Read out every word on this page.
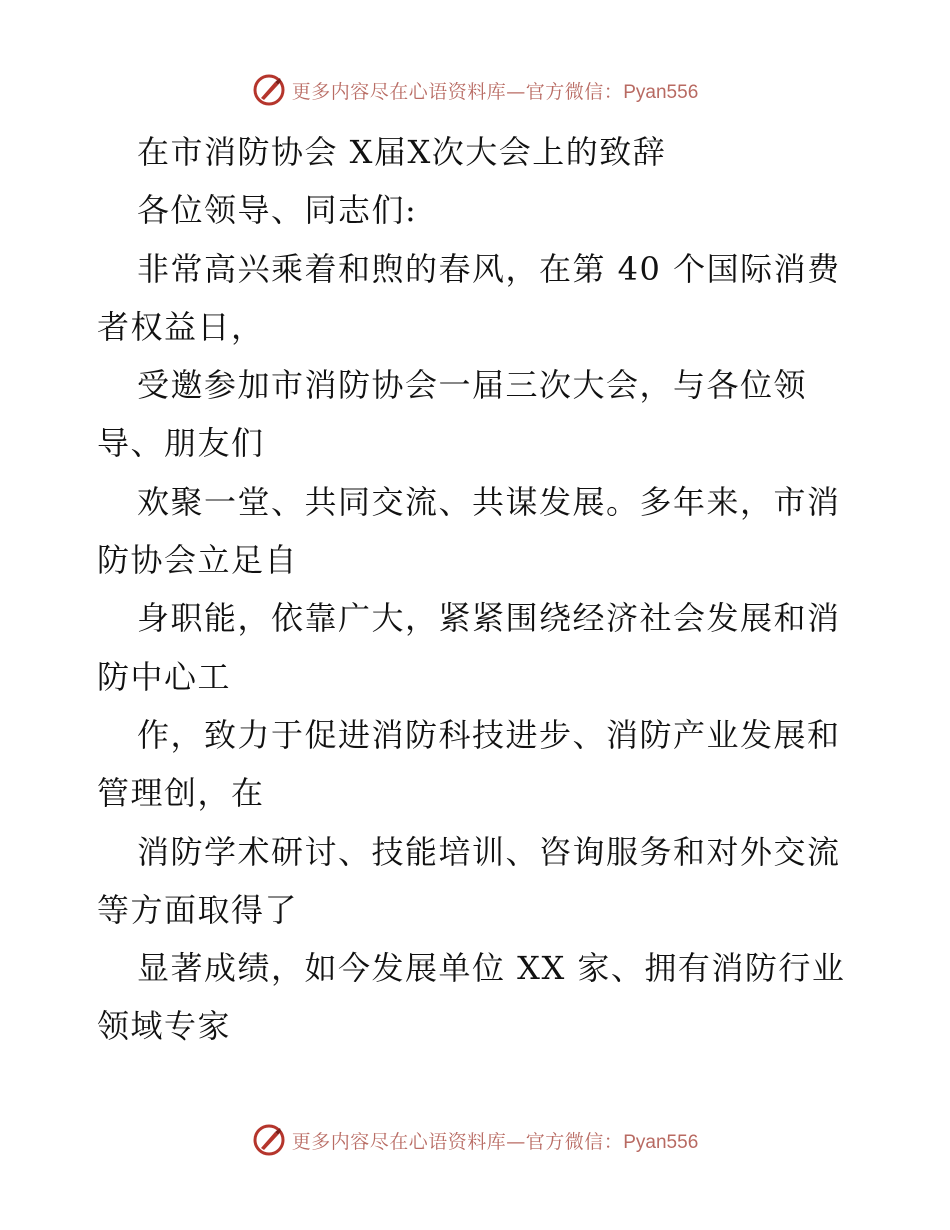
更多内容尽在心语资料库—官方微信：Pyan556

在市消防协会 X届X次大会上的致辞

各位领导、同志们:

非常高兴乘着和煦的春风，在第 40 个国际消费者权益日，

受邀参加市消防协会一届三次大会，与各位领导、朋友们

欢聚一堂、共同交流、共谋发展。多年来，市消防协会立足自

身职能，依靠广大，紧紧围绕经济社会发展和消防中心工

作，致力于促进消防科技进步、消防产业发展和管理创，在

消防学术研讨、技能培训、咨询服务和对外交流等方面取得了

显著成绩，如今发展单位 XX 家、拥有消防行业领域专家

更多内容尽在心语资料库—官方微信：Pyan556
